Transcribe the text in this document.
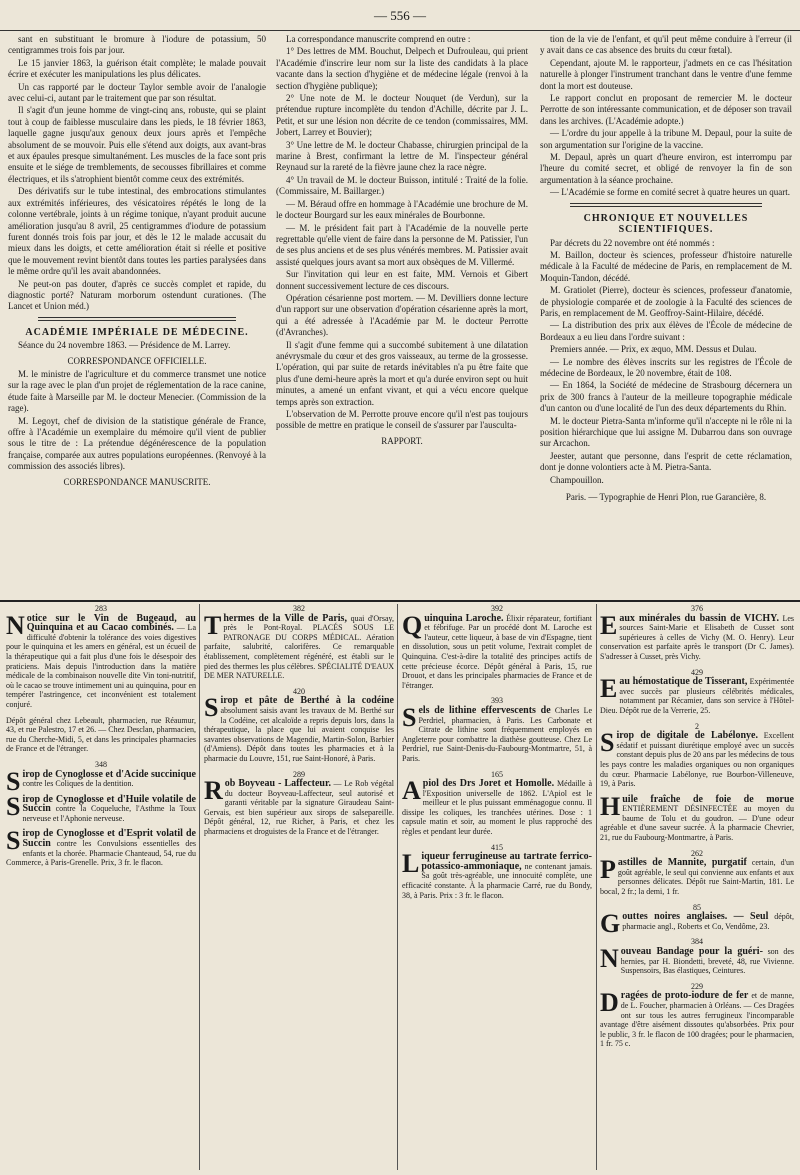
— 556 —

sant en substituant le bromure à l'iodure de potassium, 50 centigrammes trois fois par jour.

Le 15 janvier 1863, la guérison était complète; le malade pouvait écrire et exécuter les manipulations les plus délicates.

Un cas rapporté par le docteur Taylor semble avoir de l'analogie avec celui-ci, autant par le traitement que par son résultat.

Il s'agit d'un jeune homme de vingt-cinq ans, robuste, qui se plaint tout à coup de faiblesse musculaire dans les pieds, le 18 février 1863, laquelle gagne jusqu'aux genoux deux jours après et l'empêche absolument de se mouvoir. Puis elle s'étend aux doigts, aux avant-bras et aux épaules presque simultanément. Les muscles de la face sont pris ensuite et le siége de tremblements, de secousses fibrillaires et comme électriques, et ils s'atrophient bientôt comme ceux des extrémités.

Des dérivatifs sur le tube intestinal, des embrocations stimulantes aux extrémités inférieures, des vésicatoires répétés le long de la colonne vertébrale, joints à un régime tonique, n'ayant produit aucune amélioration jusqu'au 8 avril, 25 centigrammes d'iodure de potassium furent donnés trois fois par jour, et dès le 12 le malade accusait du mieux dans les doigts, et cette amélioration était si réelle et positive que le mouvement revint bientôt dans toutes les parties paralysées dans le même ordre qu'il les avait abandonnées.

Ne peut-on pas douter, d'après ce succès complet et rapide, du diagnostic porté? Naturam morborum ostendunt curationes. (The Lancet et Union méd.)

ACADÉMIE IMPÉRIALE DE MÉDECINE.

Séance du 24 novembre 1863. — Présidence de M. Larrey.

CORRESPONDANCE OFFICIELLE.

M. le ministre de l'agriculture et du commerce transmet une notice sur la rage avec le plan d'un projet de réglementation de la race canine, étude faite à Marseille par M. le docteur Menecier. (Commission de la rage).

M. Legoyt, chef de division de la statistique générale de France, offre à l'Académie un exemplaire du mémoire qu'il vient de publier sous le titre de : La prétendue dégénérescence de la population française, comparée aux autres populations européennes. (Renvoyé à la commission des associés libres).

CORRESPONDANCE MANUSCRITE.

La correspondance manuscrite comprend en outre :

1° Des lettres de MM. Bouchut, Delpech et Dufrouleau, qui prient l'Académie d'inscrire leur nom sur la liste des candidats à la place vacante dans la section d'hygiène et de médecine légale (renvoi à la section d'hygiène publique);

2° Une note de M. le docteur Nouquet (de Verdun), sur la prétendue rupture incomplète du tendon d'Achille, décrite par J. L. Petit, et sur une lésion non décrite de ce tendon (commissaires, MM. Jobert, Larrey et Bouvier);

3° Une lettre de M. le docteur Chabasse, chirurgien principal de la marine à Brest, confirmant la lettre de M. l'inspecteur général Reynaud sur la rareté de la fièvre jaune chez la race nègre.

4° Un travail de M. le docteur Buisson, intitulé : Traité de la folie. (Commissaire, M. Baillarger.)

— M. Béraud offre en hommage à l'Académie une brochure de M. le docteur Bourgard sur les eaux minérales de Bourbonne.

— M. le président fait part à l'Académie de la nouvelle perte regrettable qu'elle vient de faire dans la personne de M. Patissier, l'un de ses plus anciens et de ses plus vénérés membres. M. Patissier avait assisté quelques jours avant sa mort aux obsèques de M. Villermé.

Sur l'invitation qui leur en est faite, MM. Vernois et Gibert donnent successivement lecture de ces discours.

Opération césarienne post mortem. — M. Devilliers donne lecture d'un rapport sur une observation d'opération césarienne après la mort, qui a été adressée à l'Académie par M. le docteur Perrotte (d'Avranches).

Il s'agit d'une femme qui a succombé subitement à une dilatation anévrysmale du cœur et des gros vaisseaux, au terme de la grossesse. L'opération, qui par suite de retards inévitables n'a pu être faite que plus d'une demi-heure après la mort et qu'a durée environ sept ou huit minutes, a amené un enfant vivant, et qui a vécu encore quelque temps après son extraction.

L'observation de M. Perrotte prouve encore qu'il n'est pas toujours possible de mettre en pratique le conseil de s'assurer par l'ausculta-

RAPPORT.

tion de la vie de l'enfant, et qu'il peut même conduire à l'erreur (il y avait dans ce cas absence des bruits du cœur fœtal).

Cependant, ajoute M. le rapporteur, j'admets en ce cas l'hésitation naturelle à plonger l'instrument tranchant dans le ventre d'une femme dont la mort est douteuse.

Le rapport conclut en proposant de remercier M. le docteur Perrotte de son intéressante communication, et de déposer son travail dans les archives. (L'Académie adopte.)

— L'ordre du jour appelle à la tribune M. Depaul, pour la suite de son argumentation sur l'origine de la vaccine.

M. Depaul, après un quart d'heure environ, est interrompu par l'heure du comité secret, et obligé de renvoyer la fin de son argumentation à la séance prochaine.

— L'Académie se forme en comité secret à quatre heures un quart.

CHRONIQUE ET NOUVELLES SCIENTIFIQUES.

Par décrets du 22 novembre ont été nommés :

M. Baillon, docteur ès sciences, professeur d'histoire naturelle médicale à la Faculté de médecine de Paris, en remplacement de M. Moquin-Tandon, décédé.

M. Gratiolet (Pierre), docteur ès sciences, professeur d'anatomie, de physiologie comparée et de zoologie à la Faculté des sciences de Paris, en remplacement de M. Geoffroy-Saint-Hilaire, décédé.

— La distribution des prix aux élèves de l'École de médecine de Bordeaux a eu lieu dans l'ordre suivant :

Premiers année. — Prix, ex æquo, MM. Dessus et Dulau.

— Le nombre des élèves inscrits sur les registres de l'École de médecine de Bordeaux, le 20 novembre, était de 108.

— En 1864, la Société de médecine de Strasbourg décernera un prix de 300 francs à l'auteur de la meilleure topographie médicale d'un canton ou d'une localité de l'un des deux départements du Rhin.

M. le docteur Pietra-Santa m'informe qu'il n'accepte ni le rôle ni la position hiérarchique que lui assigne M. Dubarrou dans son ouvrage sur Arcachon.

Jeester, autant que personne, dans l'esprit de cette réclamation, dont je donne volontiers acte à M. Pietra-Santa.

Champouillon.

Paris. — Typographie de Henri Plon, rue Garancière, 8.
283
N otice sur le Vin de Bugeaud, au Quinquina et au Cacao combinés. — La difficulté d'obtenir la tolérance des voies digestives pour le quinquina et les amers en général, est un écueil de la thérapeutique qui a fait plus d'une fois le désespoir des praticiens. Mais depuis l'introduction dans la matière médicale de la combinaison nouvelle dite Vin toni-nutritif, où le cacao se trouve intimement uni au quinquina, pour en tempérer l'astringence, cet inconvénient est totalement conjuré.
Dépôt général chez Lebeault, pharmacien, rue Réaumur, 43, et rue Palestro, 17 et 26. — Chez Desclan, pharmacien, rue du Cherche-Midi, 5, et dans les principales pharmacies de France et de l'étranger.
348
S irop de Cynoglosse et d'Acide succinique contre les Coliques de la dentition.
Sirop de Cynoglosse et d'Huile volatile de Succin contre la Coqueluche, l'Asthme la Toux nerveuse et l'Aphonie nerveuse.
Sirop de Cynoglosse et d'Esprit volatil de Succin contre les Convulsions essentielles des enfants et la chorée. Pharmacie Chanteaud, 54, rue du Commerce, à Paris-Grenelle. Prix, 3 fr. le flacon.
382
T hermes de la Ville de Paris, quai d'Orsay, près le Pont-Royal. PLACÉS SOUS LE PATRONAGE DU CORPS MÉDICAL. Aération parfaite, salubrité, calorifères. Ce remarquable établissement, complètement régénéré, est établi sur le pied des thermes les plus célèbres. SPÉCIALITÉ D'EAUX DE MER NATURELLE.
420
S irop et pâte de Berthé à la codéine absolument saisis avant les travaux de M. Berthé sur la Codéine, cet alcaloïde a repris depuis lors, dans la thérapeutique, la place que lui avaient conquise les savantes observations de Magendie, Martin-Solon, Barbier (d'Amiens). Dépôt dans toutes les pharmacies et à la pharmacie du Louvre, 151, rue Saint-Honoré, à Paris.
289
R ob Boyveau - Laffecteur. — Le Rob végétal du docteur Boyveau-Laffecteur, seul autorisé et garanti véritable par la signature Giraudeau Saint-Gervais, est bien supérieur aux sirops de salsepareille. Dépôt général, 12, rue Richer, à Paris, et chez les pharmaciens et droguistes de la France et de l'étranger.
392
Q uinquina Laroche. Élixir réparateur, fortifiant et fébrifuge. Par un procédé dont M. Laroche est l'auteur, cette liqueur, à base de vin d'Espagne, tient en dissolution, sous un petit volume, l'extrait complet de Quinquina. C'est-à-dire la totalité des principes actifs de cette précieuse écorce. Dépôt général à Paris, 15, rue Drouot, et dans les principales pharmacies de France et de l'étranger.
393
S els de lithine effervescents de Charles Le Perdriel, pharmacien, à Paris. Les Carbonate et Citrate de lithine sont fréquemment employés en Angleterre pour combattre la diathèse goutteuse. Chez Le Perdriel, rue Saint-Denis-du-Faubourg-Montmartre, 51, à Paris.
165
A piol des Drs Joret et Homolle. Médaille à l'Exposition universelle de 1862. L'Apiol est le meilleur et le plus puissant emménagogue connu. Il dissipe les coliques, les tranchées utérines. Dose : 1 capsule matin et soir, au moment le plus rapproché des règles et pendant leur durée.
415
L iqueur ferrugineuse au tartrate ferrico-potassico-ammoniaque, ne contenant jamais. Sa goût très-agréable, une innocuité complète, une efficacité constante. À la pharmacie Carré, rue du Bondy, 38, à Paris. Prix : 3 fr. le flacon.
376
E aux minérales du bassin de VICHY. Les sources Saint-Marie et Elisabeth de Cusset sont supérieures à celles de Vichy (M. O. Henry). Leur conservation est parfaite après le transport (Dr C. James). S'adresser à Cusset, près Vichy.
429
E au hémostatique de Tisserant, Expérimentée avec succès par plusieurs célébrités médicales, notamment par Récamier, dans son service à l'Hôtel-Dieu. Dépôt rue de la Verrerie, 25.
2
S irop de digitale de Labélonye. Excellent sédatif et puissant diurétique employé avec un succès constant depuis plus de 20 ans par les médecins de tous les pays contre les maladies organiques ou non organiques du cœur. Pharmacie Labélonye, rue Bourbon-Villeneuve, 19, à Paris.
Huile fraîche de foie de morue ENTIÈREMENT DÉSINFECTÉE au moyen du baume de Tolu et du goudron. — D'une odeur agréable et d'une saveur sucrée. À la pharmacie Chevrier, 21, rue du Faubourg-Montmartre, à Paris.
262
P astilles de Mannite, purgatif certain, d'un goût agréable, le seul qui convienne aux enfants et aux personnes délicates. Dépôt rue Saint-Martin, 181. Le bocal, 2 fr.; la demi, 1 fr.
85
G outtes noires anglaises. — Seul dépôt, pharmacie angl., Roberts et Co, Vendôme, 23.
384
N ouveau Bandage pour la guéri- son des hernies, par H. Biondetti, breveté, 48, rue Vivienne. Suspensoirs, Bas élastiques, Ceintures.
229
D ragées de proto-iodure de fer et de manne, de L. Foucher, pharmacien à Orléans. — Ces Dragées ont sur tous les autres ferrugineux l'incomparable avantage d'être aisément dissoutes qu'absorbées. Prix pour le public, 3 fr. le flacon de 100 dragées; pour le pharmacien, 1 fr. 75 c.
